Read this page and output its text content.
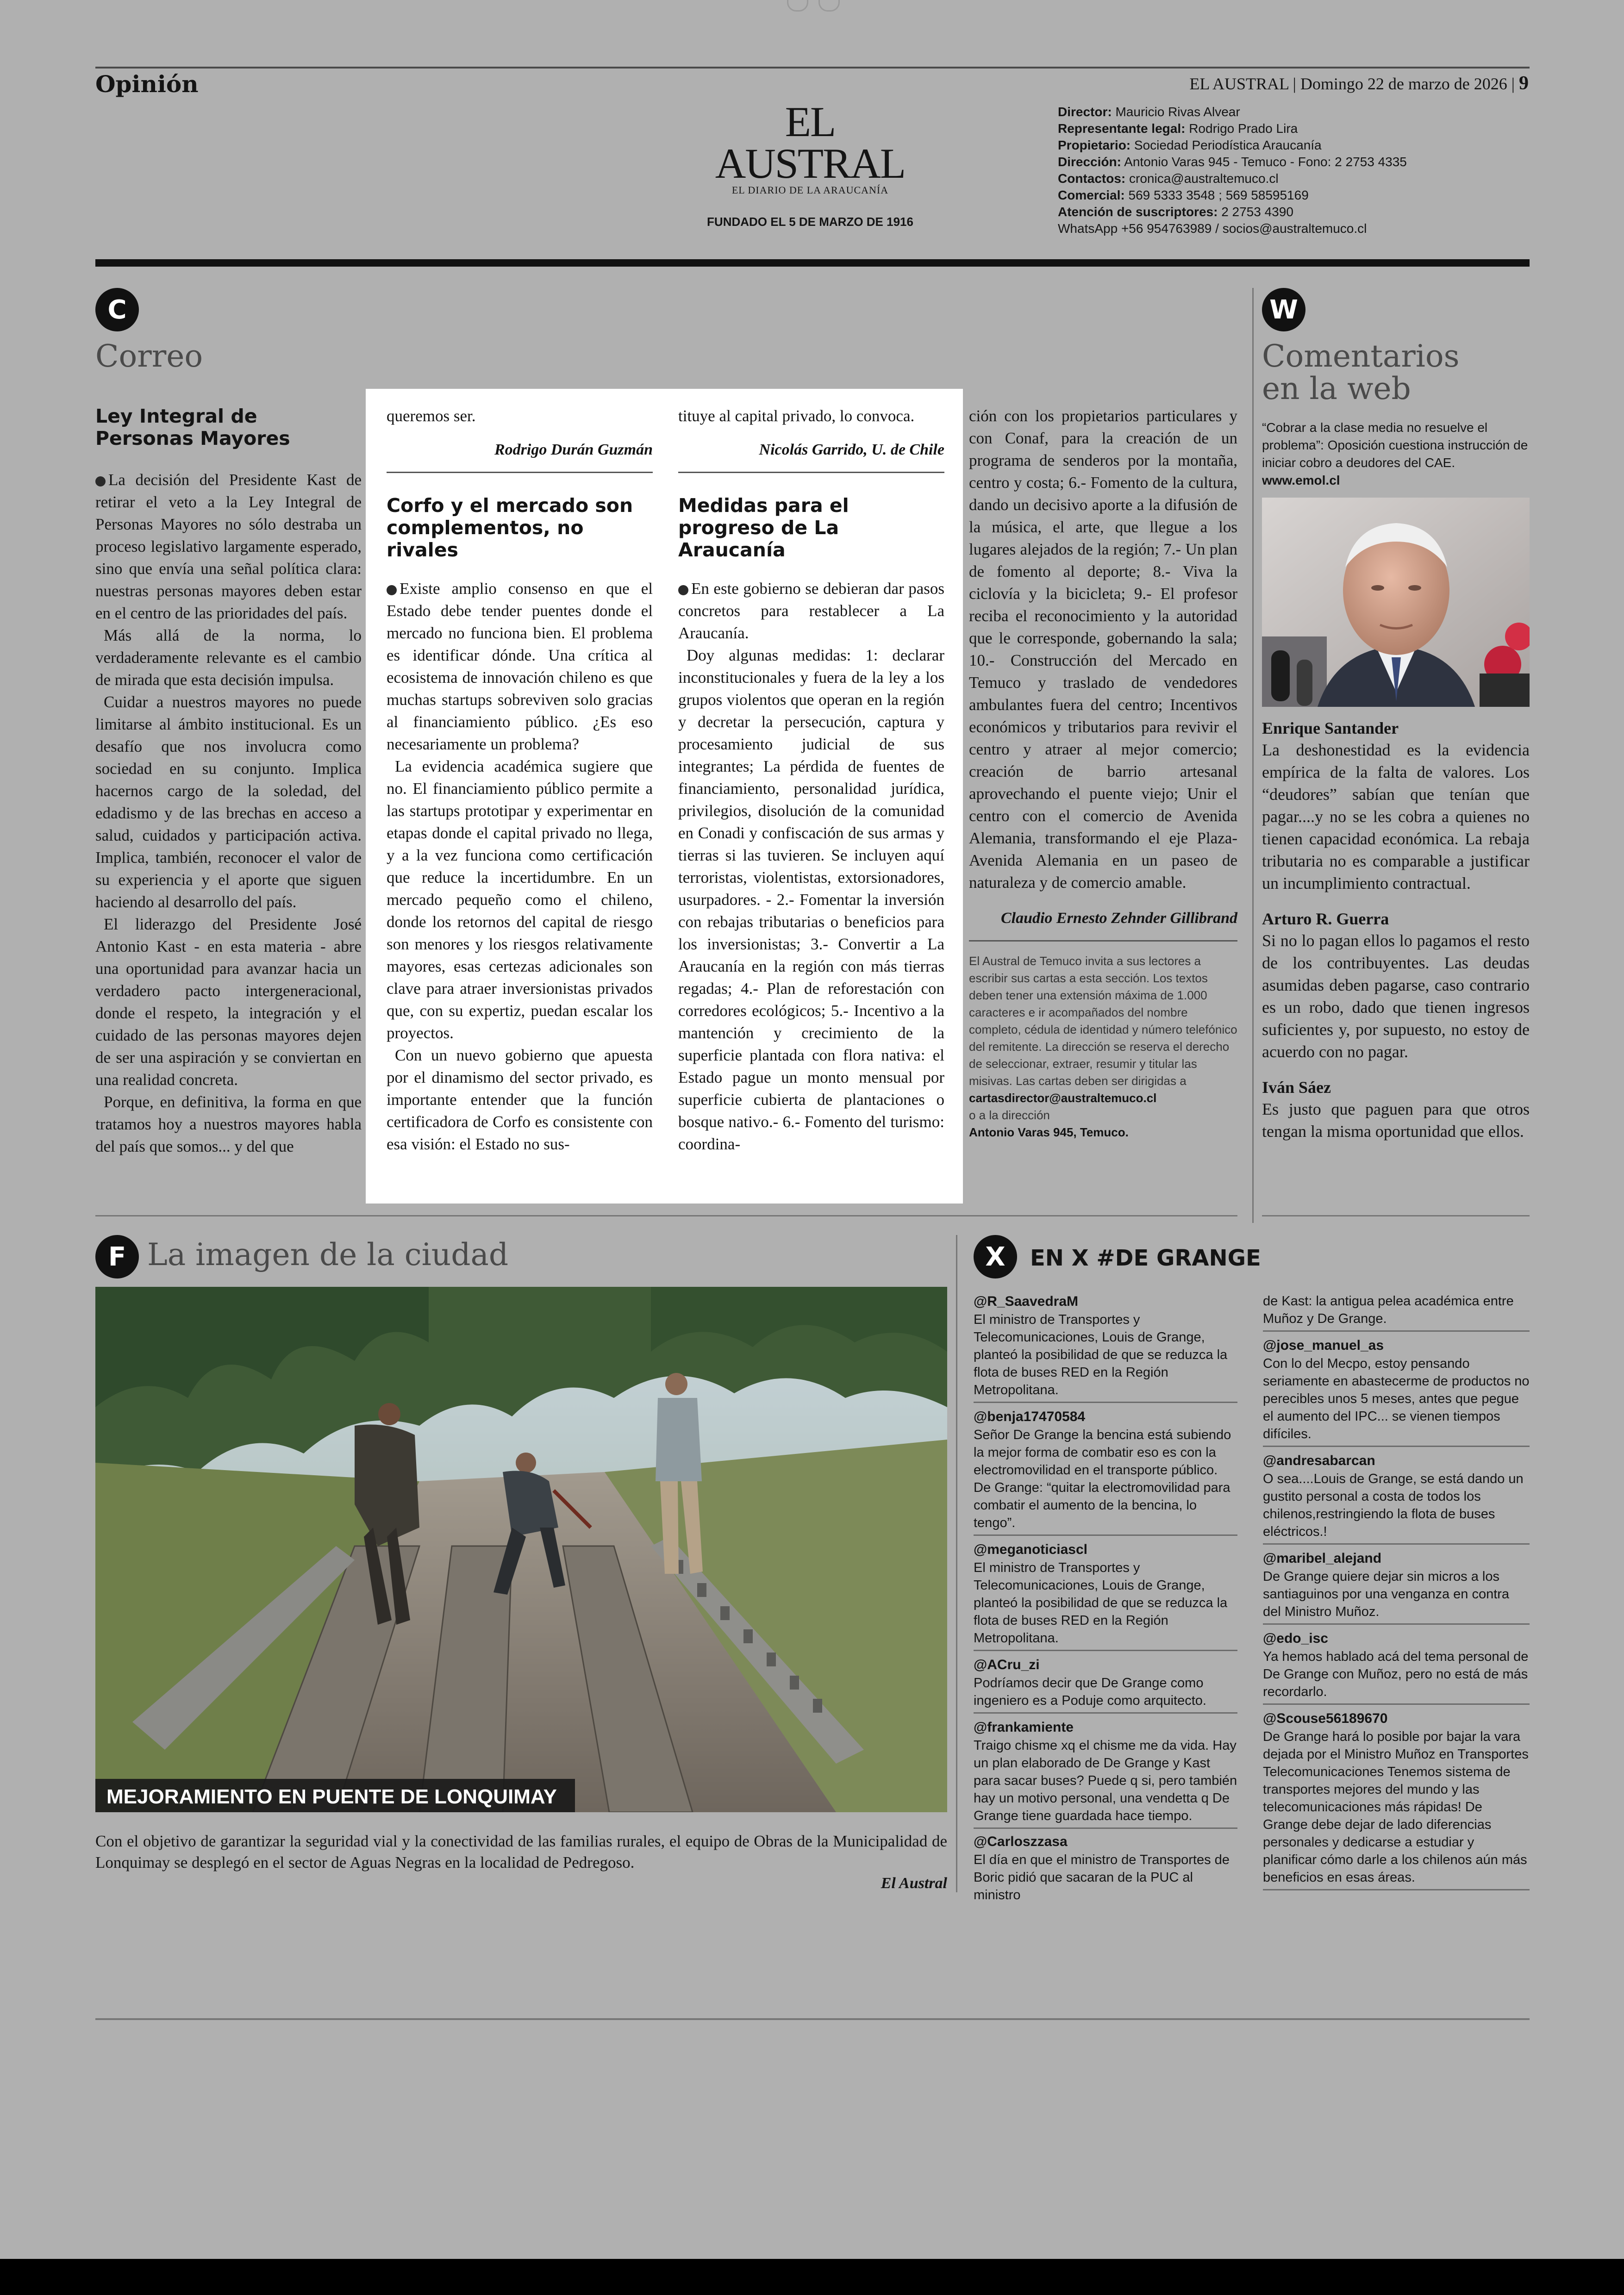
Opinión	EL AUSTRAL | Domingo 22 de marzo de 2026 | 9
EL AUSTRAL
EL DIARIO DE LA ARAUCANÍA
FUNDADO EL 5 DE MARZO DE 1916
Director: Mauricio Rivas Alvear
Representante legal: Rodrigo Prado Lira
Propietario: Sociedad Periodística Araucanía
Dirección: Antonio Varas 945 - Temuco - Fono: 2 2753 4335
Contactos: cronica@australtemuco.cl
Comercial: 569 5333 3548 ; 569 58595169
Atención de suscriptores: 2 2753 4390
WhatsApp +56 954763989 / socios@australtemuco.cl
C
Correo
Ley Integral de Personas Mayores

La decisión del Presidente Kast de retirar el veto a la Ley Integral de Personas Mayores no sólo destraba un proceso legislativo largamente esperado, sino que envía una señal política clara: nuestras personas mayores deben estar en el centro de las prioridades del país.

Más allá de la norma, lo verdaderamente relevante es el cambio de mirada que esta decisión impulsa.

Cuidar a nuestros mayores no puede limitarse al ámbito institucional. Es un desafío que nos involucra como sociedad en su conjunto. Implica hacernos cargo de la soledad, del edadismo y de las brechas en acceso a salud, cuidados y participación activa. Implica, también, reconocer el valor de su experiencia y el aporte que siguen haciendo al desarrollo del país.

El liderazgo del Presidente José Antonio Kast - en esta materia - abre una oportunidad para avanzar hacia un verdadero pacto intergeneracional, donde el respeto, la integración y el cuidado de las personas mayores dejen de ser una aspiración y se conviertan en una realidad concreta.

Porque, en definitiva, la forma en que tratamos hoy a nuestros mayores habla del país que somos... y del que

queremos ser.
Rodrigo Durán Guzmán
Corfo y el mercado son complementos, no rivales

Existe amplio consenso en que el Estado debe tender puentes donde el mercado no funciona bien. El problema es identificar dónde. Una crítica al ecosistema de innovación chileno es que muchas startups sobreviven solo gracias al financiamiento público. ¿Es eso necesariamente un problema?

La evidencia académica sugiere que no. El financiamiento público permite a las startups prototipar y experimentar en etapas donde el capital privado no llega, y a la vez funciona como certificación que reduce la incertidumbre. En un mercado pequeño como el chileno, donde los retornos del capital de riesgo son menores y los riesgos relativamente mayores, esas certezas adicionales son clave para atraer inversionistas privados que, con su expertiz, puedan escalar los proyectos.

Con un nuevo gobierno que apuesta por el dinamismo del sector privado, es importante entender que la función certificadora de Corfo es consistente con esa visión: el Estado no sus-

tituye al capital privado, lo convoca.
Nicolás Garrido, U. de Chile
Medidas para el progreso de La Araucanía

En este gobierno se debieran dar pasos concretos para restablecer a La Araucanía.

Doy algunas medidas: 1: declarar inconstitucionales y fuera de la ley a los grupos violentos que operan en la región y decretar la persecución, captura y procesamiento judicial de sus integrantes; La pérdida de fuentes de financiamiento, personalidad jurídica, privilegios, disolución de la comunidad en Conadi y confiscación de sus armas y tierras si las tuvieren. Se incluyen aquí terroristas, violentistas, extorsionadores, usurpadores. - 2.- Fomentar la inversión con rebajas tributarias o beneficios para los inversionistas; 3.- Convertir a La Araucanía en la región con más tierras regadas; 4.- Plan de reforestación con corredores ecológicos; 5.- Incentivo a la mantención y crecimiento de la superficie plantada con flora nativa: el Estado pague un monto mensual por superficie cubierta de plantaciones o bosque nativo.- 6.- Fomento del turismo: coordina-

ción con los propietarios particulares y con Conaf, para la creación de un programa de senderos por la montaña, centro y costa; 6.- Fomento de la cultura, dando un decisivo aporte a la difusión de la música, el arte, que llegue a los lugares alejados de la región; 7.- Un plan de fomento al deporte; 8.- Viva la ciclovía y la bicicleta; 9.- El profesor reciba el reconocimiento y la autoridad que le corresponde, gobernando la sala; 10.- Construcción del Mercado en Temuco y traslado de vendedores ambulantes fuera del centro; Incentivos económicos y tributarios para revivir el centro y atraer al mejor comercio; creación de barrio artesanal aprovechando el puente viejo; Unir el centro con el comercio de Avenida Alemania, transformando el eje Plaza-Avenida Alemania en un paseo de naturaleza y de comercio amable.

Claudio Ernesto Zehnder Gillibrand
El Austral de Temuco invita a sus lectores a escribir sus cartas a esta sección. Los textos deben tener una extensión máxima de 1.000 caracteres e ir acompañados del nombre completo, cédula de identidad y número telefónico del remitente. La dirección se reserva el derecho de seleccionar, extraer, resumir y titular las misivas. Las cartas deben ser dirigidas a
cartasdirector@australtemuco.cl
o a la dirección
Antonio Varas 945, Temuco.
W
Comentarios
en la web
“Cobrar a la clase media no resuelve el problema”: Oposición cuestiona instrucción de iniciar cobro a deudores del CAE. www.emol.cl
Enrique Santander
La deshonestidad es la evidencia empírica de la falta de valores. Los “deudores” sabían que tenían que pagar....y no se les cobra a quienes no tienen capacidad económica. La rebaja tributaria no es comparable a justificar un incumplimiento contractual.
Arturo R. Guerra
Si no lo pagan ellos lo pagamos el resto de los contribuyentes. Las deudas asumidas deben pagarse, caso contrario es un robo, dado que tienen ingresos suficientes y, por supuesto, no estoy de acuerdo con no pagar.
Iván Sáez
Es justo que paguen para que otros tengan la misma oportunidad que ellos.
F La imagen de la ciudad
MEJORAMIENTO EN PUENTE DE LONQUIMAY
Con el objetivo de garantizar la seguridad vial y la conectividad de las familias rurales, el equipo de Obras de la Municipalidad de Lonquimay se desplegó en el sector de Aguas Negras en la localidad de Pedregoso.
El Austral
X	EN X #DE GRANGE
@R_SaavedraM
El ministro de Transportes y Telecomunicaciones, Louis de Grange, planteó la posibilidad de que se reduzca la flota de buses RED en la Región Metropolitana.
@benja17470584
Señor De Grange la bencina está subiendo la mejor forma de combatir eso es con la electromovilidad en el transporte público. De Grange: “quitar la electromovilidad para combatir el aumento de la bencina, lo tengo”.
@meganoticiascl
El ministro de Transportes y Telecomunicaciones, Louis de Grange, planteó la posibilidad de que se reduzca la flota de buses RED en la Región Metropolitana.
@ACru_zi
Podríamos decir que De Grange como ingeniero es a Poduje como arquitecto.
@frankamiente
Traigo chisme xq el chisme me da vida. Hay un plan elaborado de De Grange y Kast para sacar buses? Puede q si, pero también hay un motivo personal, una vendetta q De Grange tiene guardada hace tiempo.
@Carloszzasa
El día en que el ministro de Transportes de Boric pidió que sacaran de la PUC al ministro
de Kast: la antigua pelea académica entre Muñoz y De Grange.
@jose_manuel_as
Con lo del Mecpo, estoy pensando seriamente en abastecerme de productos no perecibles unos 5 meses, antes que pegue el aumento del IPC... se vienen tiempos difíciles.
@andresabarcan
O sea....Louis de Grange, se está dando un gustito personal a costa de todos los chilenos,restringiendo la flota de buses eléctricos.!
@maribel_alejand
De Grange quiere dejar sin micros a los santiaguinos por una venganza en contra del Ministro Muñoz.
@edo_isc
Ya hemos hablado acá del tema personal de De Grange con Muñoz, pero no está de más recordarlo.
@Scouse56189670
De Grange hará lo posible por bajar la vara dejada por el Ministro Muñoz en Transportes Telecomunicaciones Tenemos sistema de transportes mejores del mundo y las telecomunicaciones más rápidas! De Grange debe dejar de lado diferencias personales y dedicarse a estudiar y planificar cómo darle a los chilenos aún más beneficios en esas áreas.
